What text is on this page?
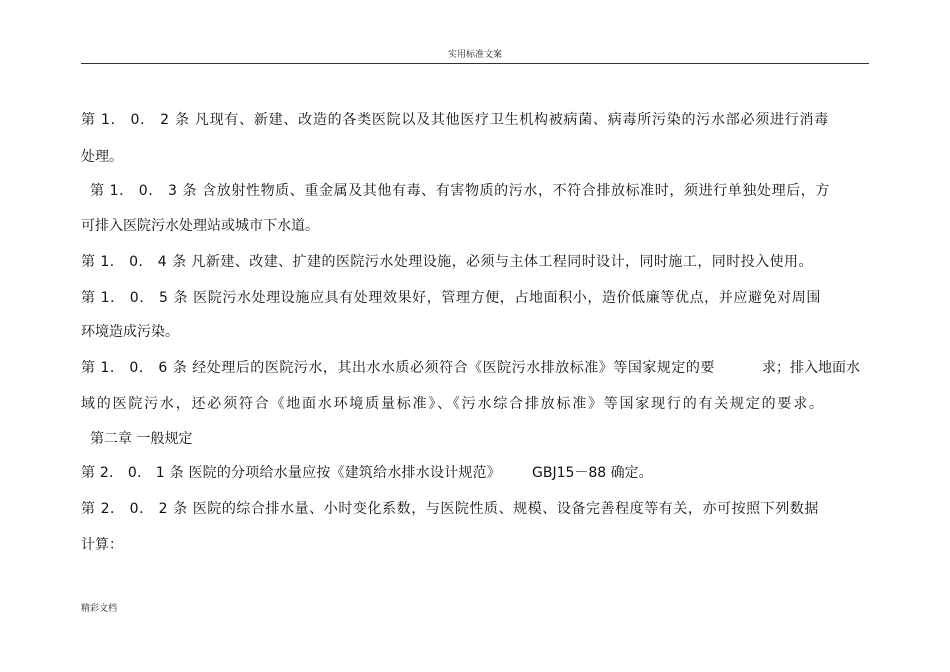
实用标准文案
第 1． 0． 2 条 凡现有、新建、改造的各类医院以及其他医疗卫生机构被病菌、病毒所污染的污水部必须进行消毒
处理。
第 1． 0． 3 条 含放射性物质、重金属及其他有毒、有害物质的污水，不符合排放标准时，须进行单独处理后，方
可排入医院污水处理站或城市下水道。
第 1． 0． 4 条 凡新建、改建、扩建的医院污水处理设施，必须与主体工程同时设计，同时施工，同时投入使用。
第 1． 0． 5 条 医院污水处理设施应具有处理效果好，管理方便，占地面积小，造价低廉等优点，并应避免对周围
环境造成污染。
第 1． 0． 6 条 经处理后的医院污水，其出水水质必须符合《医院污水排放标准》等国家规定的要	求；排入地面水
域的医院污水，还必须符合《地面水环境质量标准》、《污水综合排放标准》等国家现行的有关规定的要求。
第二章 一般规定
第 2． 0． 1 条 医院的分项给水量应按《建筑给水排水设计规范》 GBJ15－88 确定。
第 2． 0． 2 条 医院的综合排水量、小时变化系数，与医院性质、规模、设备完善程度等有关，亦可按照下列数据
计算：
精彩文档
